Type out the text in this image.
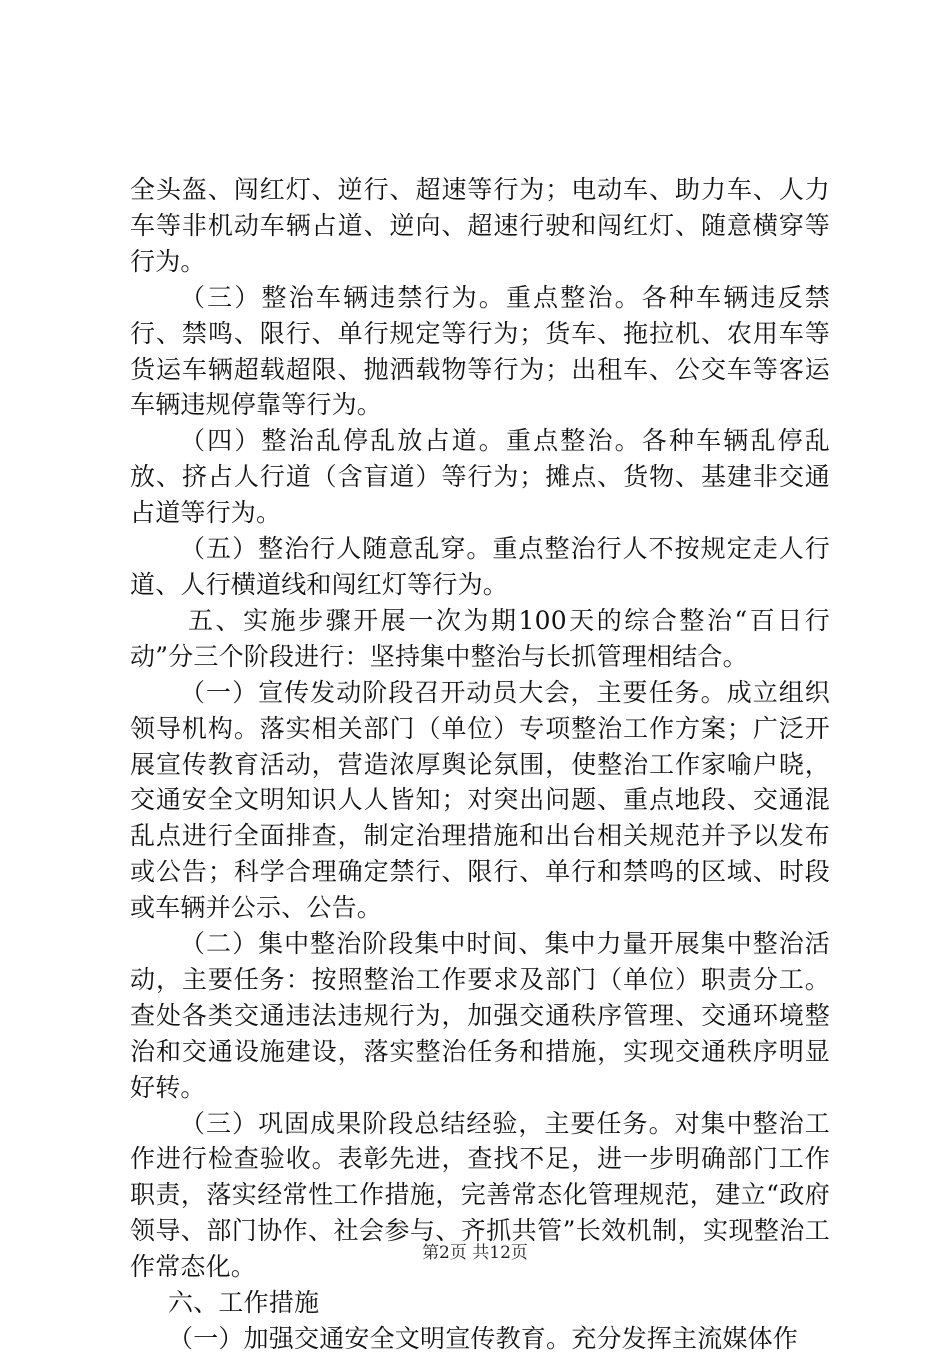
全头盔、闯红灯、逆行、超速等行为；电动车、助力车、人力车等非机动车辆占道、逆向、超速行驶和闯红灯、随意横穿等行为。

（三）整治车辆违禁行为。重点整治。各种车辆违反禁行、禁鸣、限行、单行规定等行为；货车、拖拉机、农用车等货运车辆超载超限、抛洒载物等行为；出租车、公交车等客运车辆违规停靠等行为。

（四）整治乱停乱放占道。重点整治。各种车辆乱停乱放、挤占人行道（含盲道）等行为；摊点、货物、基建非交通占道等行为。

（五）整治行人随意乱穿。重点整治行人不按规定走人行道、人行横道线和闯红灯等行为。

五、实施步骤开展一次为期100天的综合整治“百日行动”分三个阶段进行：坚持集中整治与长抓管理相结合。

（一）宣传发动阶段召开动员大会，主要任务。成立组织领导机构。落实相关部门（单位）专项整治工作方案；广泛开展宣传教育活动，营造浓厚舆论氛围，使整治工作家喻户晓，交通安全文明知识人人皆知；对突出问题、重点地段、交通混乱点进行全面排查，制定治理措施和出台相关规范并予以发布或公告；科学合理确定禁行、限行、单行和禁鸣的区域、时段或车辆并公示、公告。

（二）集中整治阶段集中时间、集中力量开展集中整治活动，主要任务：按照整治工作要求及部门（单位）职责分工。查处各类交通违法违规行为，加强交通秩序管理、交通环境整治和交通设施建设，落实整治任务和措施，实现交通秩序明显好转。

（三）巩固成果阶段总结经验，主要任务。对集中整治工作进行检查验收。表彰先进，查找不足，进一步明确部门工作职责，落实经常性工作措施，完善常态化管理规范，建立“政府领导、部门协作、社会参与、齐抓共管”长效机制，实现整治工作常态化。

六、工作措施

（一）加强交通安全文明宣传教育。充分发挥主流媒体作

第2页 共12页
